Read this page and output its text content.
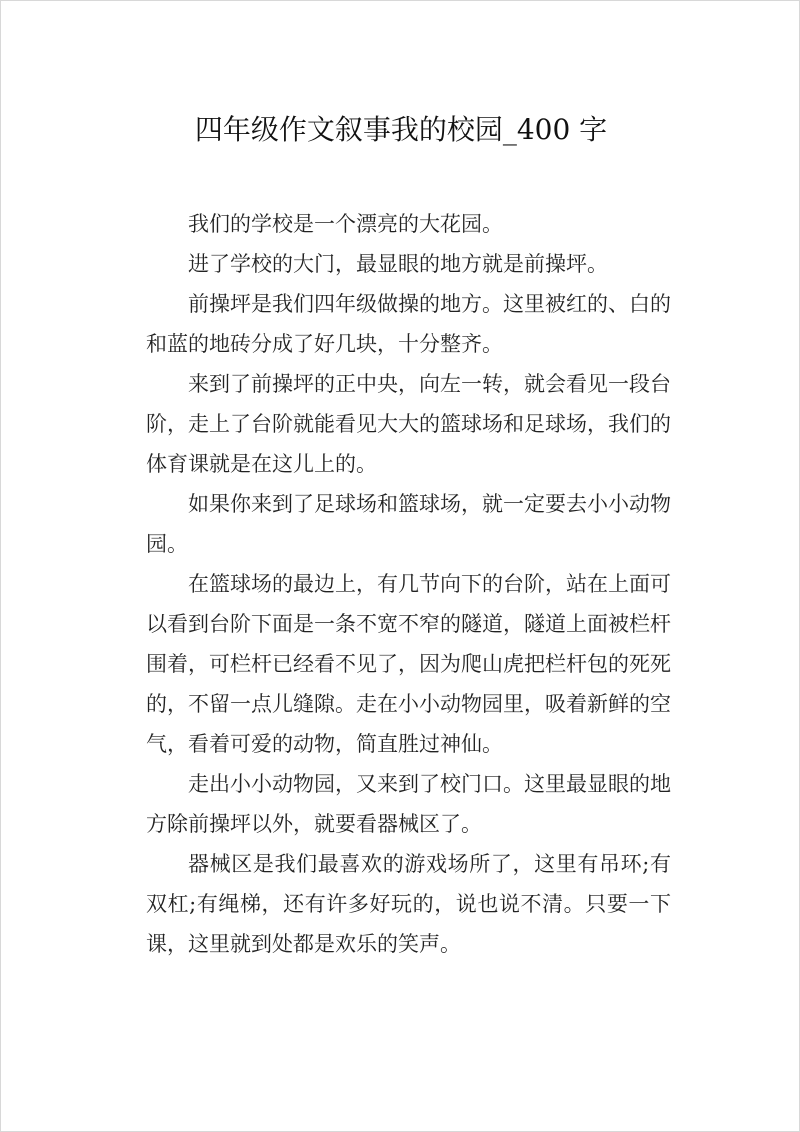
四年级作文叙事我的校园_400 字

我们的学校是一个漂亮的大花园。

进了学校的大门，最显眼的地方就是前操坪。

前操坪是我们四年级做操的地方。这里被红的、白的和蓝的地砖分成了好几块，十分整齐。

来到了前操坪的正中央，向左一转，就会看见一段台阶，走上了台阶就能看见大大的篮球场和足球场，我们的体育课就是在这儿上的。

如果你来到了足球场和篮球场，就一定要去小小动物园。

在篮球场的最边上，有几节向下的台阶，站在上面可以看到台阶下面是一条不宽不窄的隧道，隧道上面被栏杆围着，可栏杆已经看不见了，因为爬山虎把栏杆包的死死的，不留一点儿缝隙。走在小小动物园里，吸着新鲜的空气，看着可爱的动物，简直胜过神仙。

走出小小动物园，又来到了校门口。这里最显眼的地方除前操坪以外，就要看器械区了。

器械区是我们最喜欢的游戏场所了，这里有吊环;有双杠;有绳梯，还有许多好玩的，说也说不清。只要一下课，这里就到处都是欢乐的笑声。
